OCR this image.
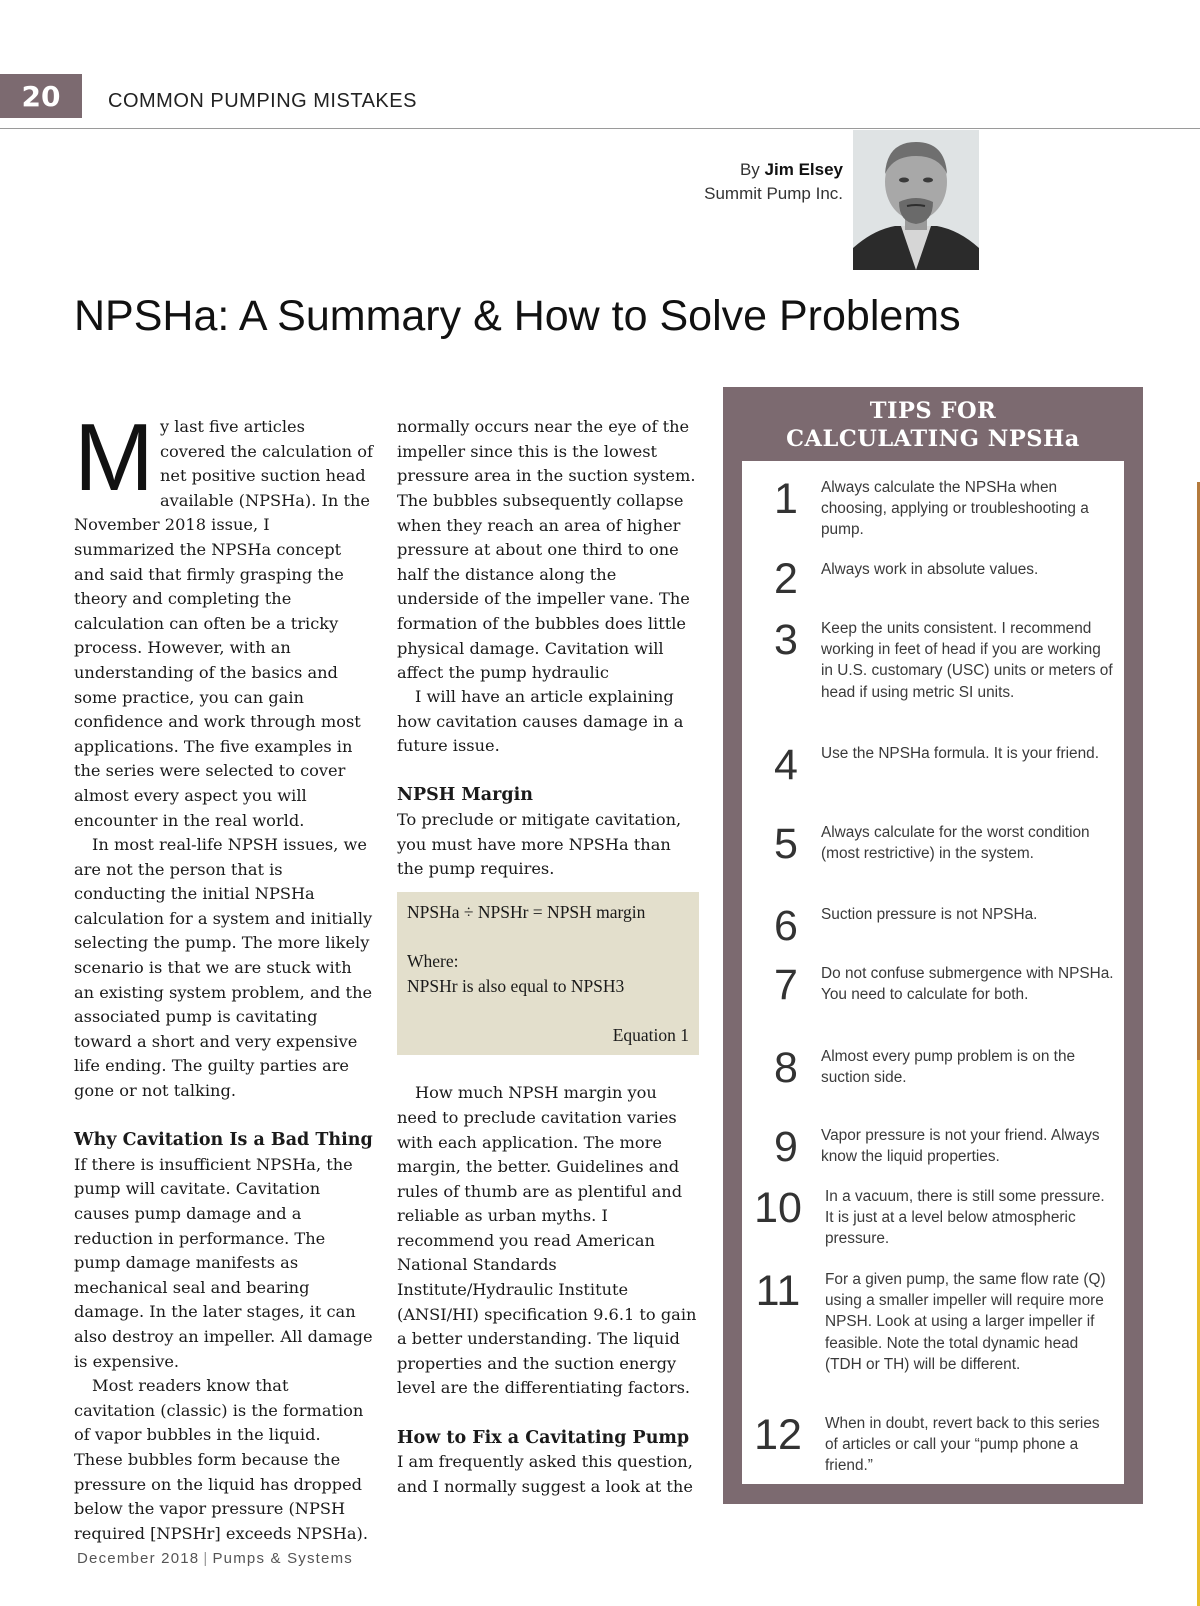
20	COMMON PUMPING MISTAKES
By Jim Elsey
Summit Pump Inc.
NPSHa: A Summary & How to Solve Problems

My last five articles covered the calculation of net positive suction head available (NPSHa). In the November 2018 issue, I summarized the NPSHa concept and said that firmly grasping the theory and completing the calculation can often be a tricky process. However, with an understanding of the basics and some practice, you can gain confidence and work through most applications. The five examples in the series were selected to cover almost every aspect you will encounter in the real world.

In most real-life NPSH issues, we are not the person that is conducting the initial NPSHa calculation for a system and initially selecting the pump. The more likely scenario is that we are stuck with an existing system problem, and the associated pump is cavitating toward a short and very expensive life ending. The guilty parties are gone or not talking.

Why Cavitation Is a Bad Thing

If there is insufficient NPSHa, the pump will cavitate. Cavitation causes pump damage and a reduction in performance. The pump damage manifests as mechanical seal and bearing damage. In the later stages, it can also destroy an impeller. All damage is expensive.

Most readers know that cavitation (classic) is the formation of vapor bubbles in the liquid. These bubbles form because the pressure on the liquid has dropped below the vapor pressure (NPSH required [NPSHr] exceeds NPSHa).

normally occurs near the eye of the impeller since this is the lowest pressure area in the suction system. The bubbles subsequently collapse when they reach an area of higher pressure at about one third to one half the distance along the underside of the impeller vane. The formation of the bubbles does little physical damage. Cavitation will affect the pump hydraulic

I will have an article explaining how cavitation causes damage in a future issue.

NPSH Margin

To preclude or mitigate cavitation, you must have more NPSHa than the pump requires.

NPSHa ÷ NPSHr = NPSH margin
Where:
NPSHr is also equal to NPSH3
Equation 1

How much NPSH margin you need to preclude cavitation varies with each application. The more margin, the better. Guidelines and rules of thumb are as plentiful and reliable as urban myths. I recommend you read American National Standards Institute/Hydraulic Institute (ANSI/HI) specification 9.6.1 to gain a better understanding. The liquid properties and the suction energy level are the differentiating factors.

How to Fix a Cavitating Pump

I am frequently asked this question, and I normally suggest a look at the

TIPS FOR
CALCULATING NPSHa
1	Always calculate the NPSHa when choosing, applying or troubleshooting a pump.
2	Always work in absolute values.
3	Keep the units consistent. I recommend working in feet of head if you are working in U.S. customary (USC) units or meters of head if using metric SI units.
4	Use the NPSHa formula. It is your friend.
5	Always calculate for the worst condition (most restrictive) in the system.
6	Suction pressure is not NPSHa.
7	Do not confuse submergence with NPSHa. You need to calculate for both.
8	Almost every pump problem is on the suction side.
9	Vapor pressure is not your friend. Always know the liquid properties.
10	In a vacuum, there is still some pressure. It is just at a level below atmospheric pressure.
11	For a given pump, the same flow rate (Q) using a smaller impeller will require more NPSH. Look at using a larger impeller if feasible. Note the total dynamic head (TDH or TH) will be different.
12	When in doubt, revert back to this series of articles or call your “pump phone a friend.”
December 2018 | Pumps & Systems
